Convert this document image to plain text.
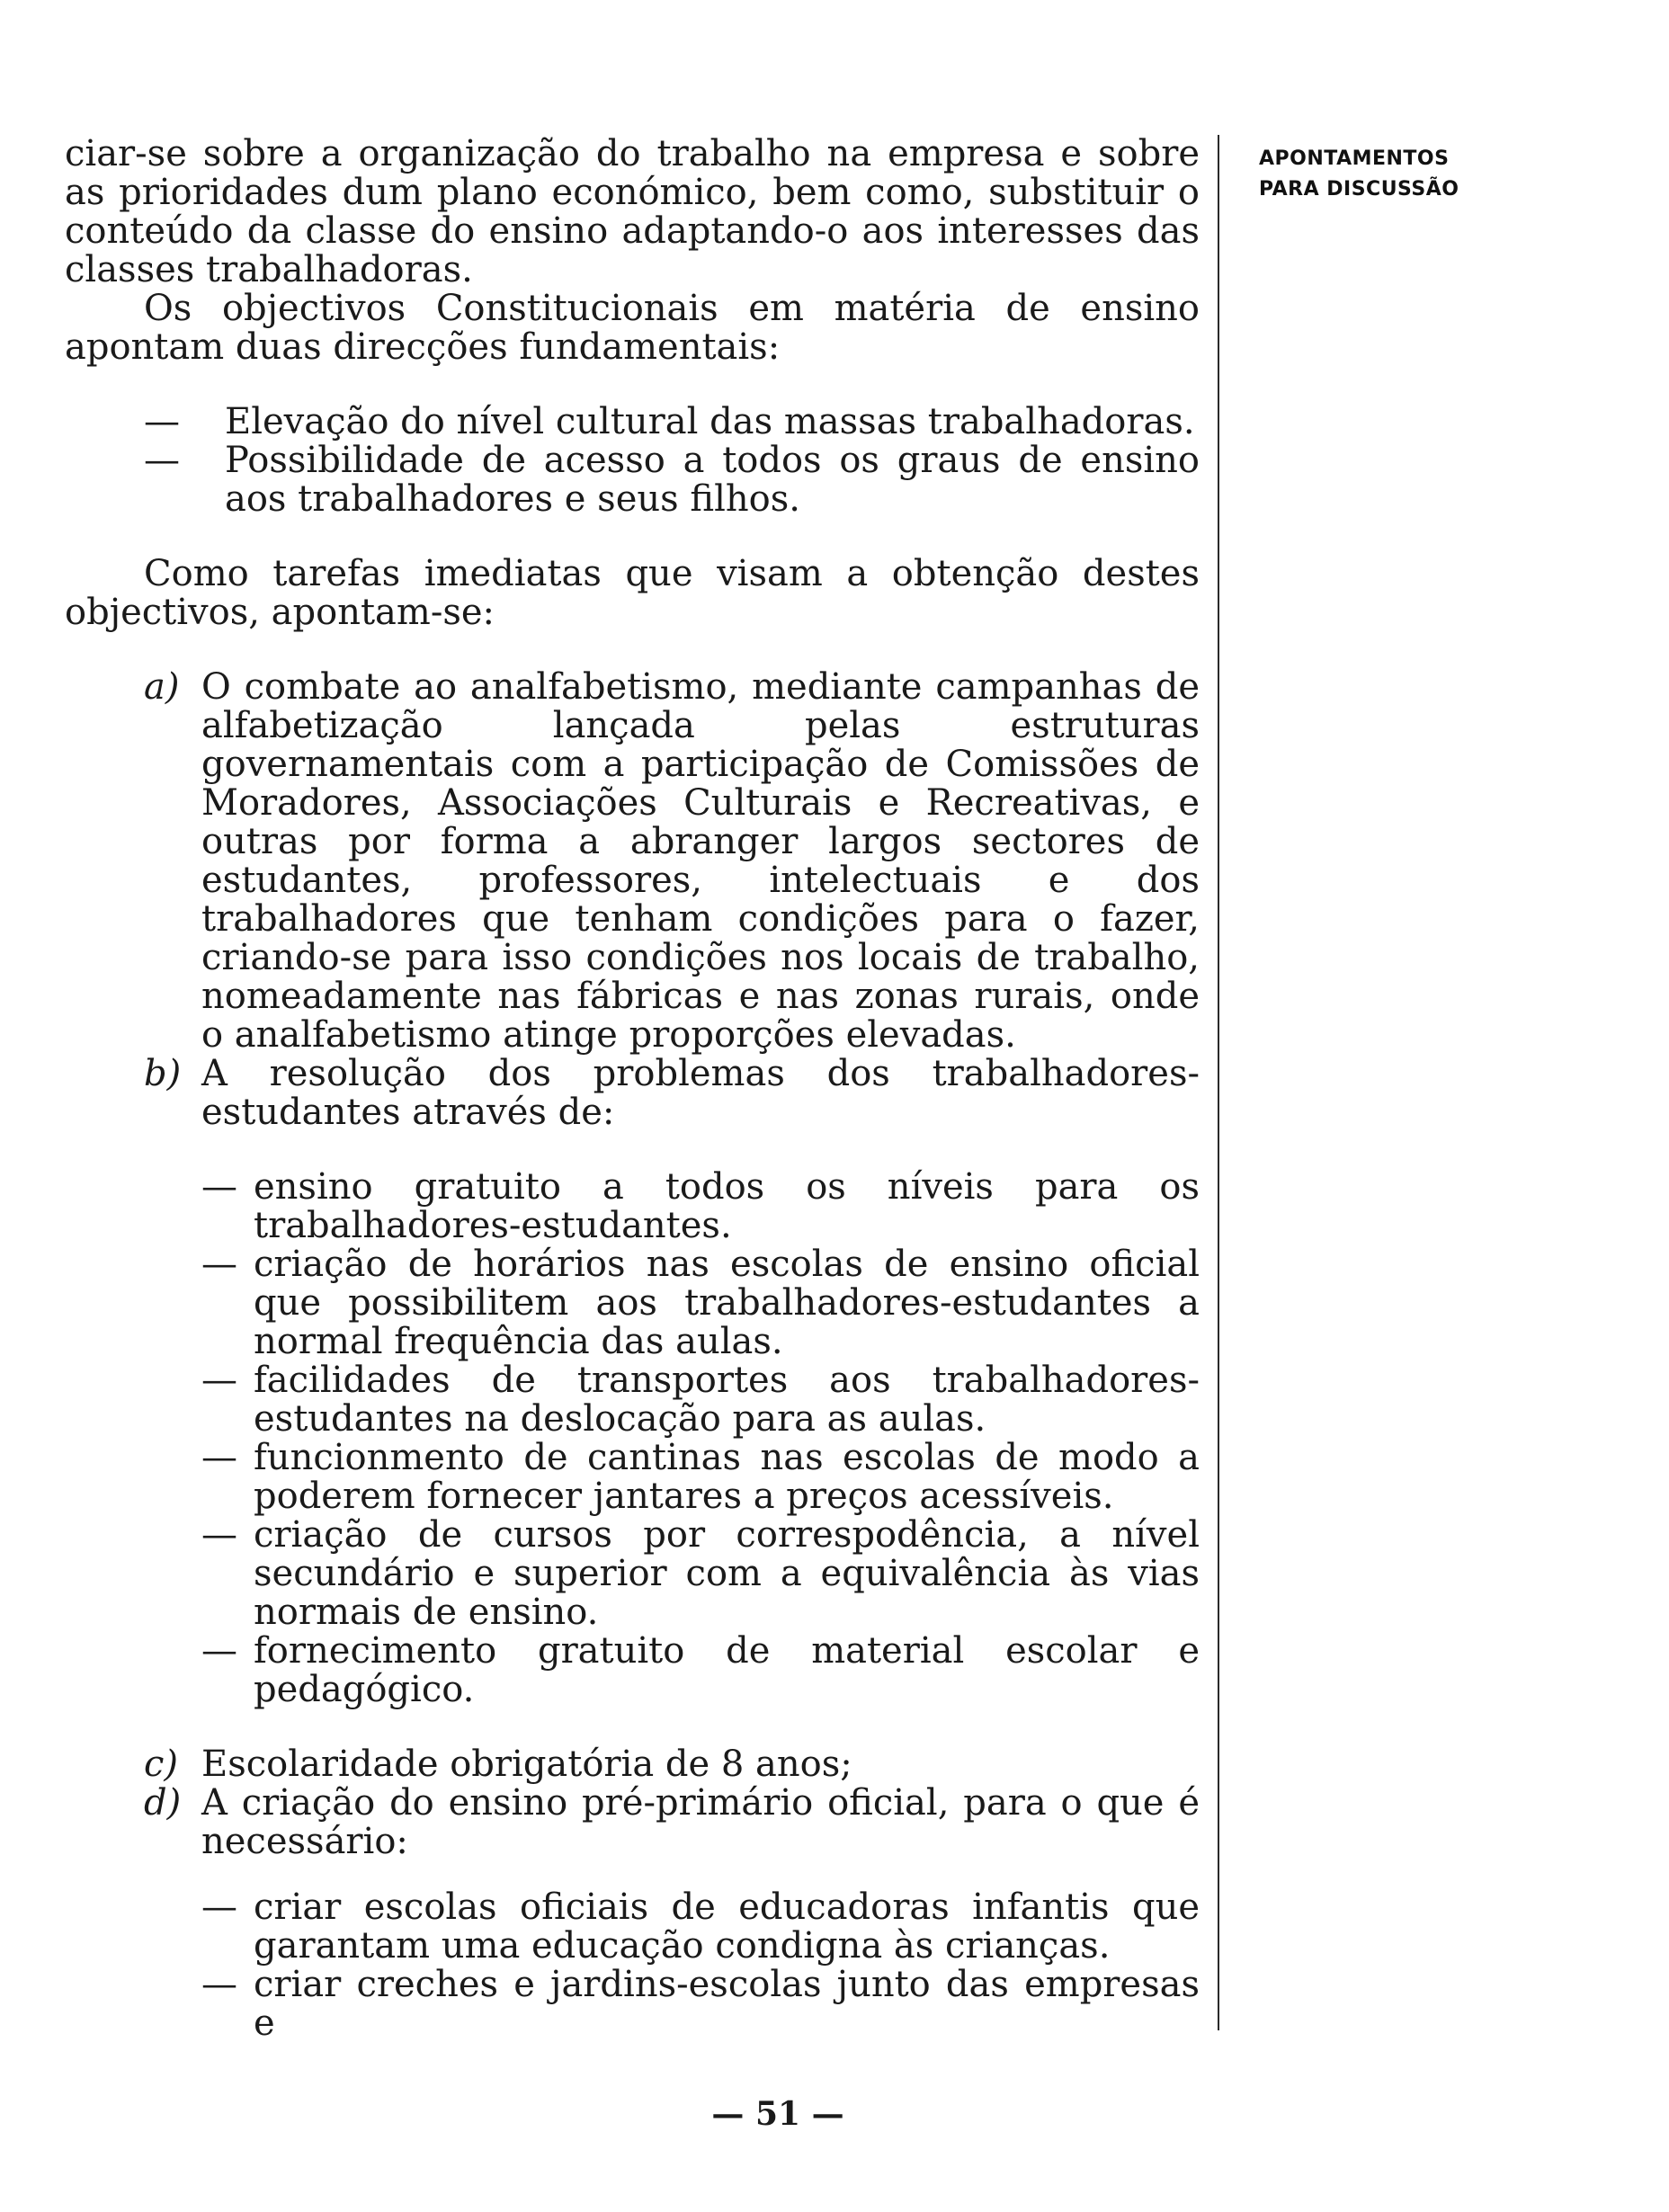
ciar-se sobre a organização do trabalho na empresa e sobre as prioridades dum plano económico, bem como, substituir o conteúdo da classe do ensino adaptando-o aos interesses das classes trabalhadoras.

Os objectivos Constitucionais em matéria de ensino apontam duas direcções fundamentais:

— Elevação do nível cultural das massas trabalhadoras.
— Possibilidade de acesso a todos os graus de ensino aos trabalhadores e seus filhos.

Como tarefas imediatas que visam a obtenção destes objectivos, apontam-se:

a) O combate ao analfabetismo, mediante campanhas de alfabetização lançada pelas estruturas governamentais com a participação de Comissões de Moradores, Associações Culturais e Recreativas, e outras por forma a abranger largos sectores de estudantes, professores, intelectuais e dos trabalhadores que tenham condições para o fazer, criando-se para isso condições nos locais de trabalho, nomeadamente nas fábricas e nas zonas rurais, onde o analfabetismo atinge proporções elevadas.
b) A resolução dos problemas dos trabalhadores-estudantes através de:
— ensino gratuito a todos os níveis para os trabalhadores-estudantes.
— criação de horários nas escolas de ensino oficial que possibilitem aos trabalhadores-estudantes a normal frequência das aulas.
— facilidades de transportes aos trabalhadores-estudantes na deslocação para as aulas.
— funcionmento de cantinas nas escolas de modo a poderem fornecer jantares a preços acessíveis.
— criação de cursos por correspodência, a nível secundário e superior com a equivalência às vias normais de ensino.
— fornecimento gratuito de material escolar e pedagógico.
c) Escolaridade obrigatória de 8 anos;
d) A criação do ensino pré-primário oficial, para o que é necessário:
— criar escolas oficiais de educadoras infantis que garantam uma educação condigna às crianças.
— criar creches e jardins-escolas junto das empresas e
APONTAMENTOS
PARA DISCUSSÃO
— 51 —
